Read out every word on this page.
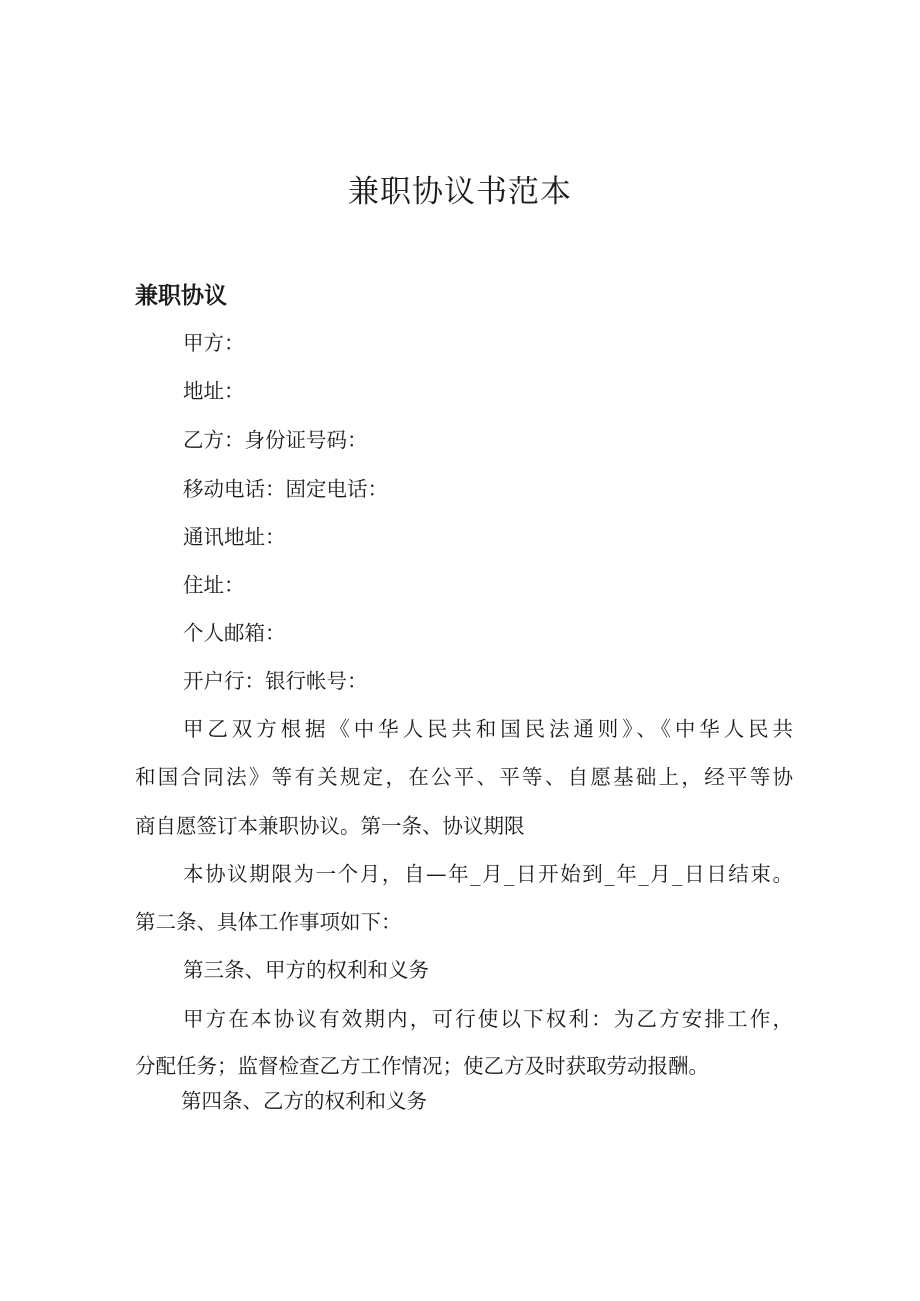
兼职协议书范本
兼职协议
甲方：
地址：
乙方：身份证号码：
移动电话：固定电话：
通讯地址：
住址：
个人邮箱：
开户行：银行帐号：
甲乙双方根据《中华人民共和国民法通则》、《中华人民共
和国合同法》等有关规定，在公平、平等、自愿基础上，经平等协
商自愿签订本兼职协议。第一条、协议期限
本协议期限为一个月，自—年_月_日开始到_年_月_日日结束。
第二条、具体工作事项如下：
第三条、甲方的权利和义务
甲方在本协议有效期内，可行使以下权利：为乙方安排工作，
分配任务；监督检查乙方工作情况；使乙方及时获取劳动报酬。
第四条、乙方的权利和义务
